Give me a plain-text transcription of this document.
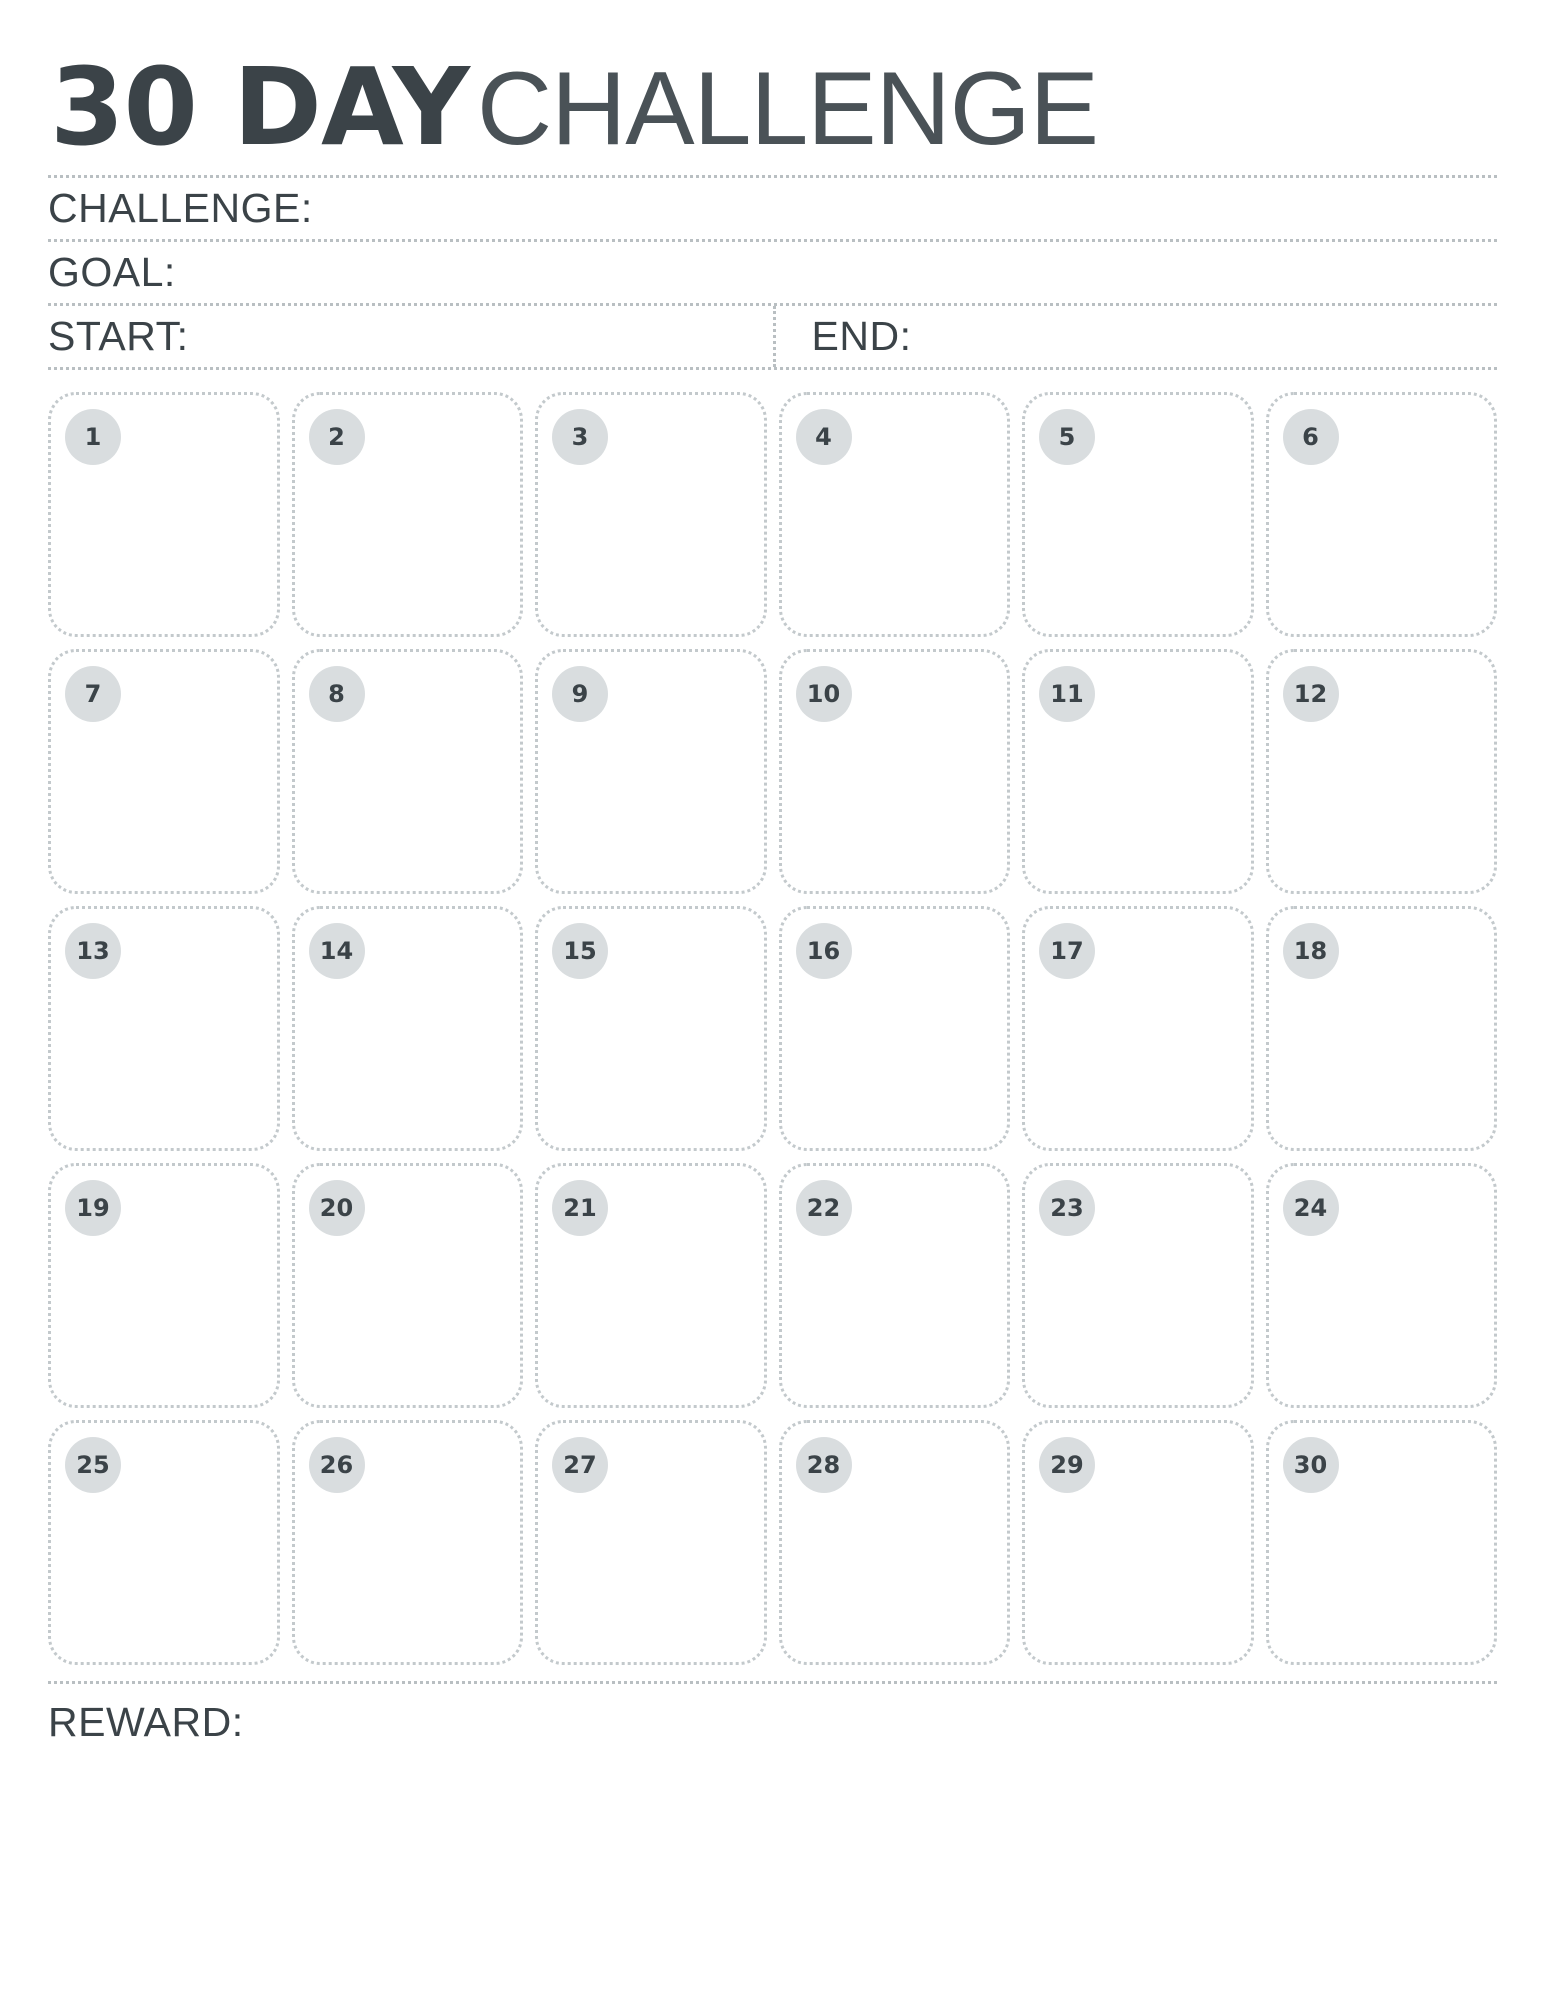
30 DAY CHALLENGE
CHALLENGE:
GOAL:
START:	END:
1	2	3	4	5	6
7	8	9	10	11	12
13	14	15	16	17	18
19	20	21	22	23	24
25	26	27	28	29	30
REWARD:
